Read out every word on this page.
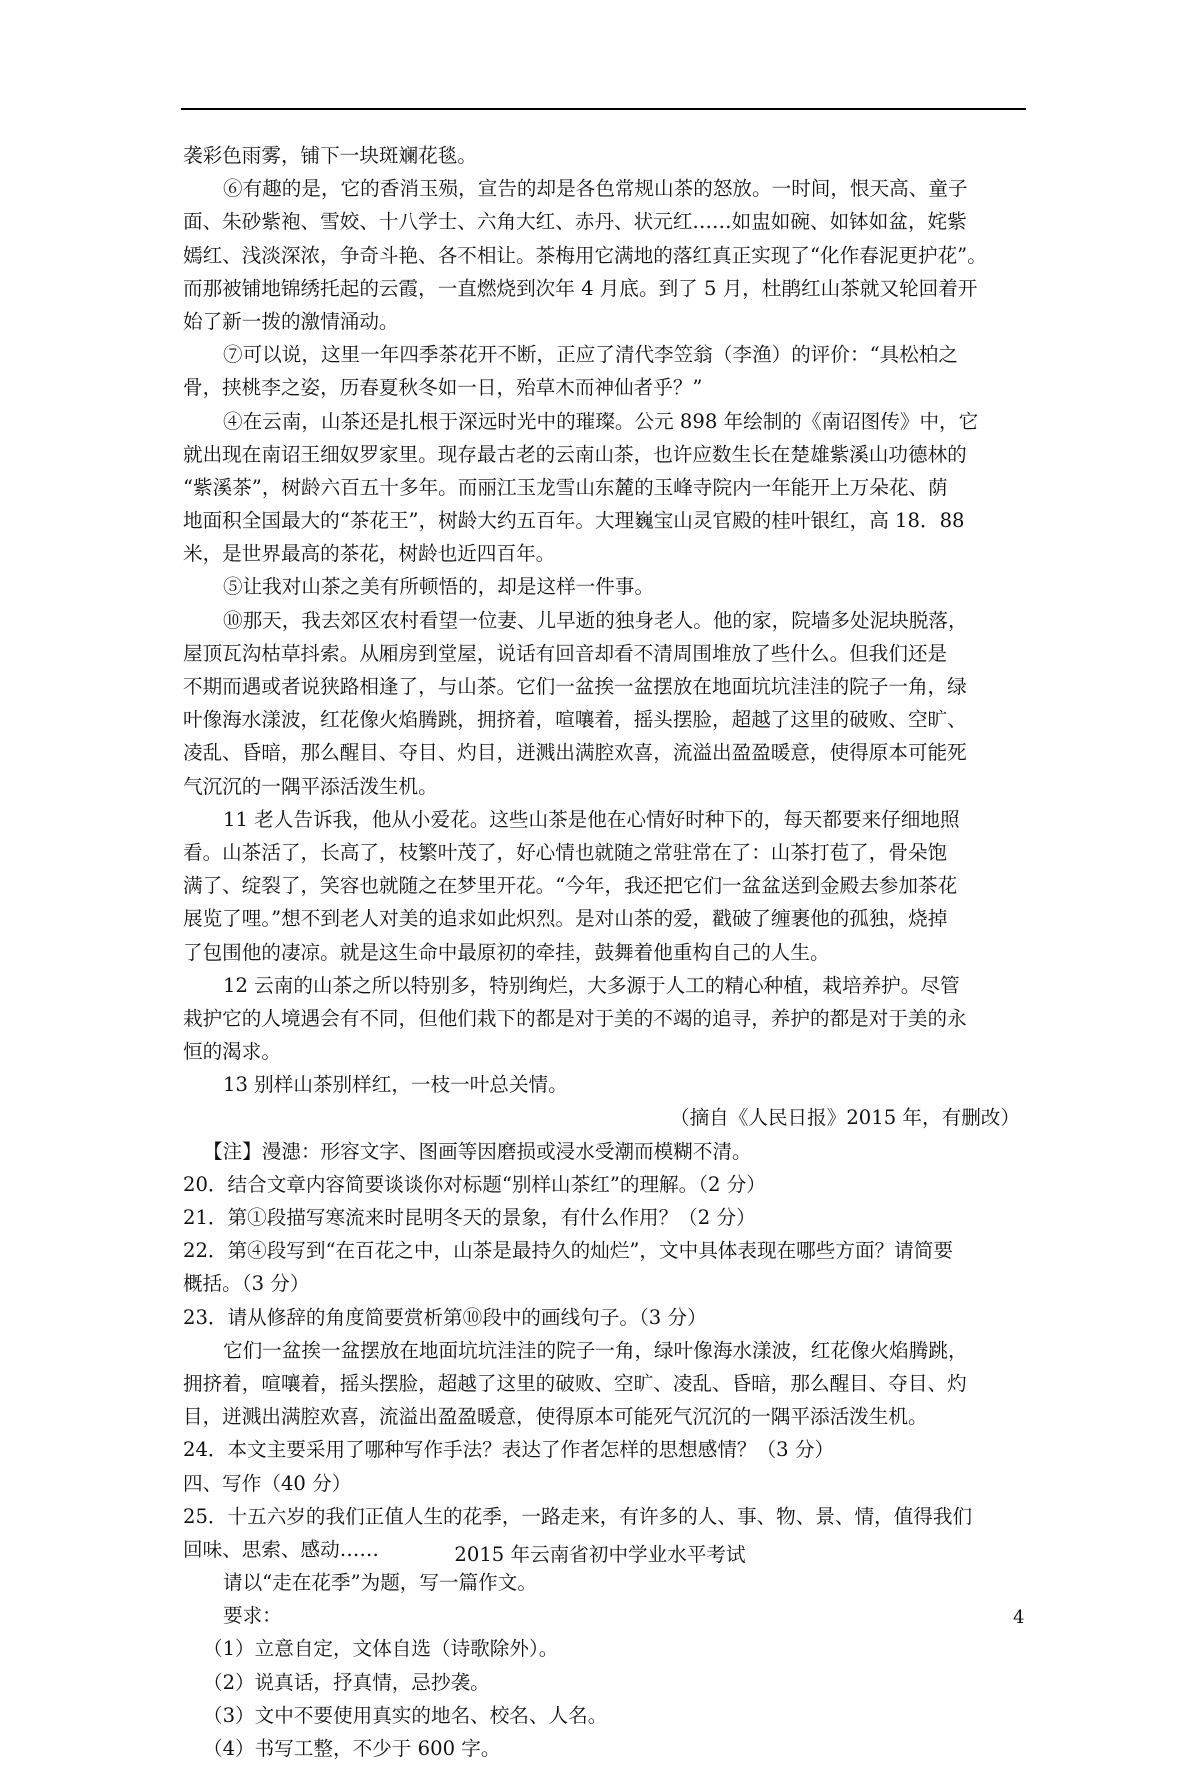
袭彩色雨雾，铺下一块斑斓花毯。
⑥有趣的是，它的香消玉殒，宣告的却是各色常规山茶的怒放。一时间，恨天高、童子
面、朱砂紫袍、雪姣、十八学士、六角大红、赤丹、状元红……如盅如碗、如钵如盆，姹紫
嫣红、浅淡深浓，争奇斗艳、各不相让。茶梅用它满地的落红真正实现了“化作春泥更护花”。
而那被铺地锦绣托起的云霞，一直燃烧到次年 4 月底。到了 5 月，杜鹃红山茶就又轮回着开
始了新一拨的激情涌动。
⑦可以说，这里一年四季茶花开不断，正应了清代李笠翁（李渔）的评价：“具松柏之
骨，挟桃李之姿，历春夏秋冬如一日，殆草木而神仙者乎？”
④在云南，山茶还是扎根于深远时光中的璀璨。公元 898 年绘制的《南诏图传》中，它
就出现在南诏王细奴罗家里。现存最古老的云南山茶，也许应数生长在楚雄紫溪山功德林的
“紫溪茶”，树龄六百五十多年。而丽江玉龙雪山东麓的玉峰寺院内一年能开上万朵花、荫
地面积全国最大的“茶花王”，树龄大约五百年。大理巍宝山灵官殿的桂叶银红，高 18．88
米，是世界最高的茶花，树龄也近四百年。
⑤让我对山茶之美有所顿悟的，却是这样一件事。
⑩那天，我去郊区农村看望一位妻、儿早逝的独身老人。他的家，院墙多处泥块脱落，
屋顶瓦沟枯草抖索。从厢房到堂屋，说话有回音却看不清周围堆放了些什么。但我们还是
不期而遇或者说狭路相逢了，与山茶。它们一盆挨一盆摆放在地面坑坑洼洼的院子一角，绿
叶像海水漾波，红花像火焰腾跳，拥挤着，喧嚷着，摇头摆脸，超越了这里的破败、空旷、
凌乱、昏暗，那么醒目、夺目、灼目，迸溅出满腔欢喜，流溢出盈盈暖意，使得原本可能死
气沉沉的一隅平添活泼生机。
11 老人告诉我，他从小爱花。这些山茶是他在心情好时种下的，每天都要来仔细地照
看。山茶活了，长高了，枝繁叶茂了，好心情也就随之常驻常在了：山茶打苞了，骨朵饱
满了、绽裂了，笑容也就随之在梦里开花。“今年，我还把它们一盆盆送到金殿去参加茶花
展览了哩。”想不到老人对美的追求如此炽烈。是对山茶的爱，戳破了缠裹他的孤独，烧掉
了包围他的凄凉。就是这生命中最原初的牵挂，鼓舞着他重构自己的人生。
12 云南的山茶之所以特别多，特别绚烂，大多源于人工的精心种植，栽培养护。尽管
栽护它的人境遇会有不同，但他们栽下的都是对于美的不竭的追寻，养护的都是对于美的永
恒的渴求。
13 别样山茶别样红，一枝一叶总关情。
（摘自《人民日报》2015 年，有删改）
【注】漫漶：形容文字、图画等因磨损或浸水受潮而模糊不清。
20．结合文章内容简要谈谈你对标题“别样山茶红”的理解。（2 分）
21．第①段描写寒流来时昆明冬天的景象，有什么作用？（2 分）
22．第④段写到“在百花之中，山茶是最持久的灿烂”，文中具体表现在哪些方面？请简要
概括。（3 分）
23．请从修辞的角度简要赏析第⑩段中的画线句子。（3 分）
它们一盆挨一盆摆放在地面坑坑洼洼的院子一角，绿叶像海水漾波，红花像火焰腾跳，
拥挤着，喧嚷着，摇头摆脸，超越了这里的破败、空旷、凌乱、昏暗，那么醒目、夺目、灼
目，迸溅出满腔欢喜，流溢出盈盈暖意，使得原本可能死气沉沉的一隅平添活泼生机。
24．本文主要采用了哪种写作手法？表达了作者怎样的思想感情？（3 分）
四、写作（40 分）
25．十五六岁的我们正值人生的花季，一路走来，有许多的人、事、物、景、情，值得我们
回味、思索、感动……
请以“走在花季”为题，写一篇作文。
要求：
（1）立意自定，文体自选（诗歌除外）。
（2）说真话，抒真情，忌抄袭。
（3）文中不要使用真实的地名、校名、人名。
（4）书写工整，不少于 600 字。
2015 年云南省初中学业水平考试
4
